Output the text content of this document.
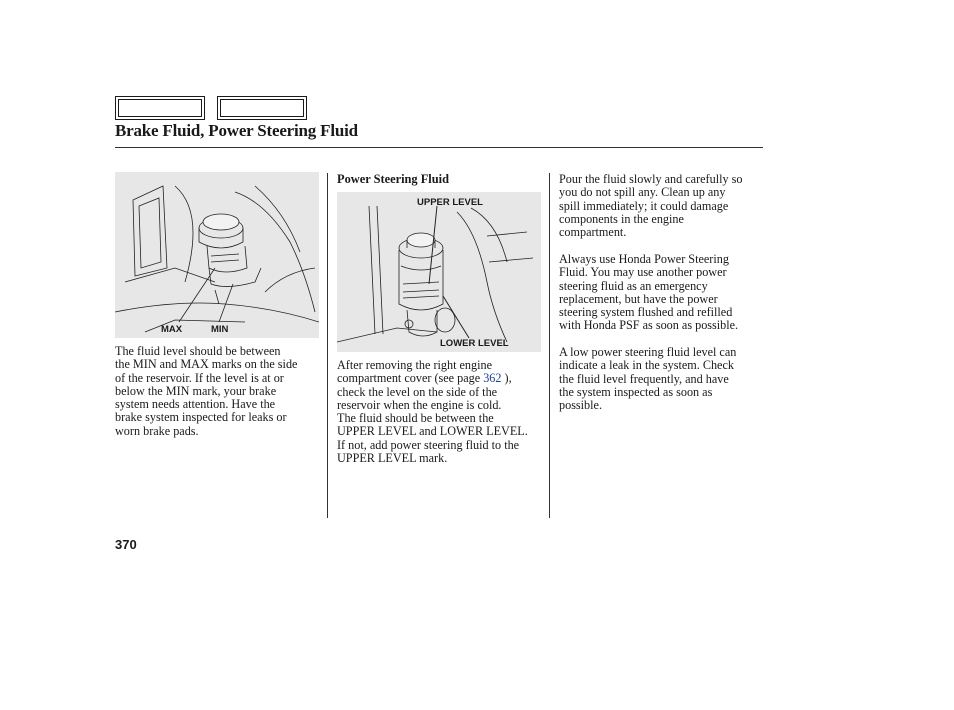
Brake Fluid, Power Steering Fluid
MAX	MIN

The fluid level should be between

the MIN and MAX marks on the side

of the reservoir. If the level is at or

below the MIN mark, your brake

system needs attention. Have the

brake system inspected for leaks or

worn brake pads.

Power Steering Fluid
UPPER LEVEL
LOWER LEVEL

After removing the right engine

compartment cover (see page 362 ),

check the level on the side of the

reservoir when the engine is cold.

The fluid should be between the

UPPER LEVEL and LOWER LEVEL.

If not, add power steering fluid to the

UPPER LEVEL mark.

Pour the fluid slowly and carefully so

you do not spill any. Clean up any

spill immediately; it could damage

components in the engine

compartment.

Always use Honda Power Steering

Fluid. You may use another power

steering fluid as an emergency

replacement, but have the power

steering system flushed and refilled

with Honda PSF as soon as possible.

A low power steering fluid level can

indicate a leak in the system. Check

the fluid level frequently, and have

the system inspected as soon as

possible.

370
